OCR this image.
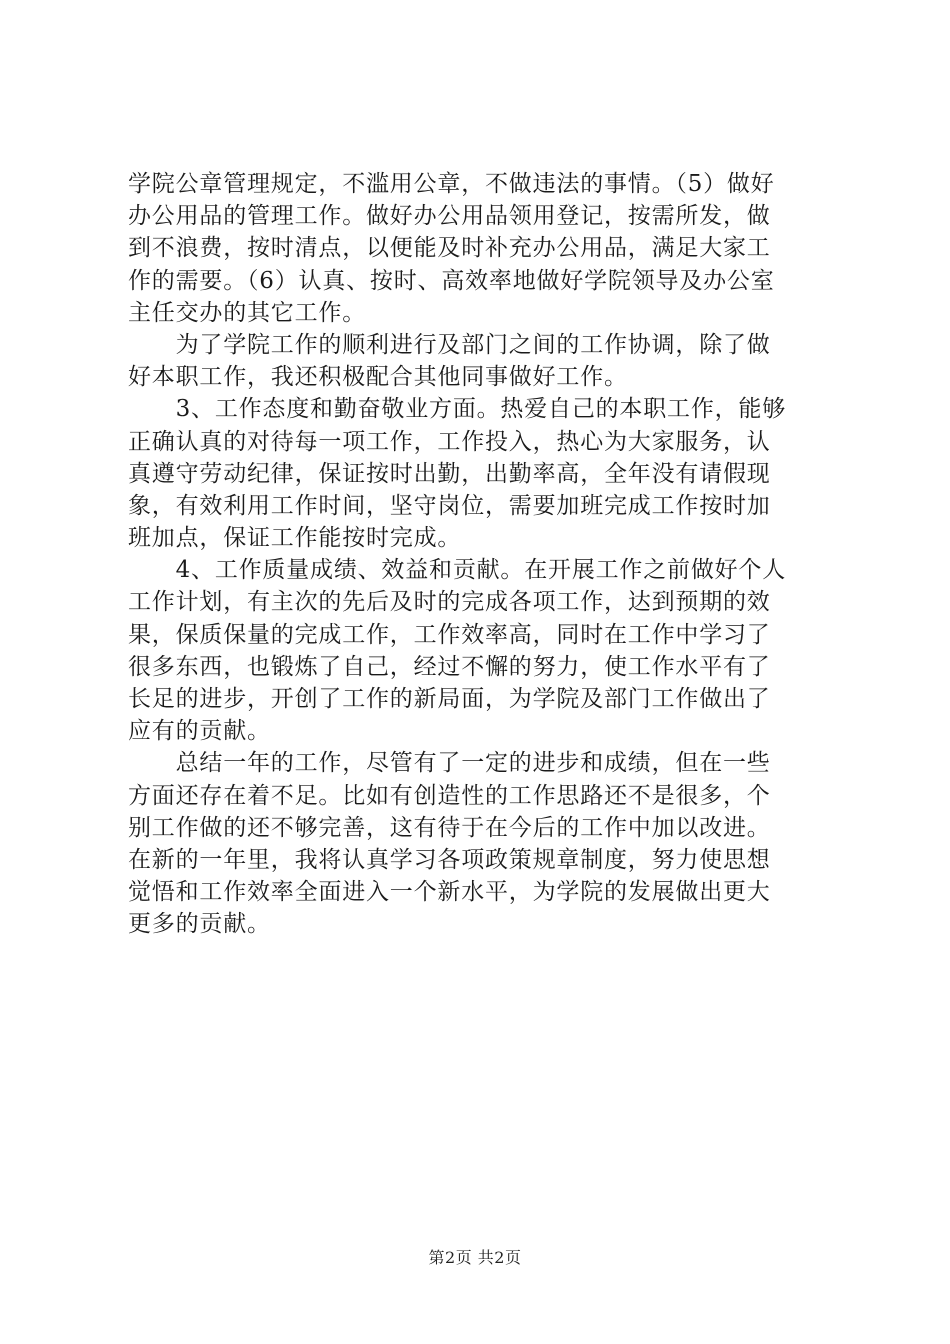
学院公章管理规定，不滥用公章，不做违法的事情。（5）做好
办公用品的管理工作。做好办公用品领用登记，按需所发，做
到不浪费，按时清点，以便能及时补充办公用品，满足大家工
作的需要。（6）认真、按时、高效率地做好学院领导及办公室
主任交办的其它工作。
　　为了学院工作的顺利进行及部门之间的工作协调，除了做
好本职工作，我还积极配合其他同事做好工作。
　　3、工作态度和勤奋敬业方面。热爱自己的本职工作，能够
正确认真的对待每一项工作，工作投入，热心为大家服务，认
真遵守劳动纪律，保证按时出勤，出勤率高，全年没有请假现
象，有效利用工作时间，坚守岗位，需要加班完成工作按时加
班加点，保证工作能按时完成。
　　4、工作质量成绩、效益和贡献。在开展工作之前做好个人
工作计划，有主次的先后及时的完成各项工作，达到预期的效
果，保质保量的完成工作，工作效率高，同时在工作中学习了
很多东西，也锻炼了自己，经过不懈的努力，使工作水平有了
长足的进步，开创了工作的新局面，为学院及部门工作做出了
应有的贡献。
　　总结一年的工作，尽管有了一定的进步和成绩，但在一些
方面还存在着不足。比如有创造性的工作思路还不是很多，个
别工作做的还不够完善，这有待于在今后的工作中加以改进。
在新的一年里，我将认真学习各项政策规章制度，努力使思想
觉悟和工作效率全面进入一个新水平，为学院的发展做出更大
更多的贡献。
第2页 共2页
